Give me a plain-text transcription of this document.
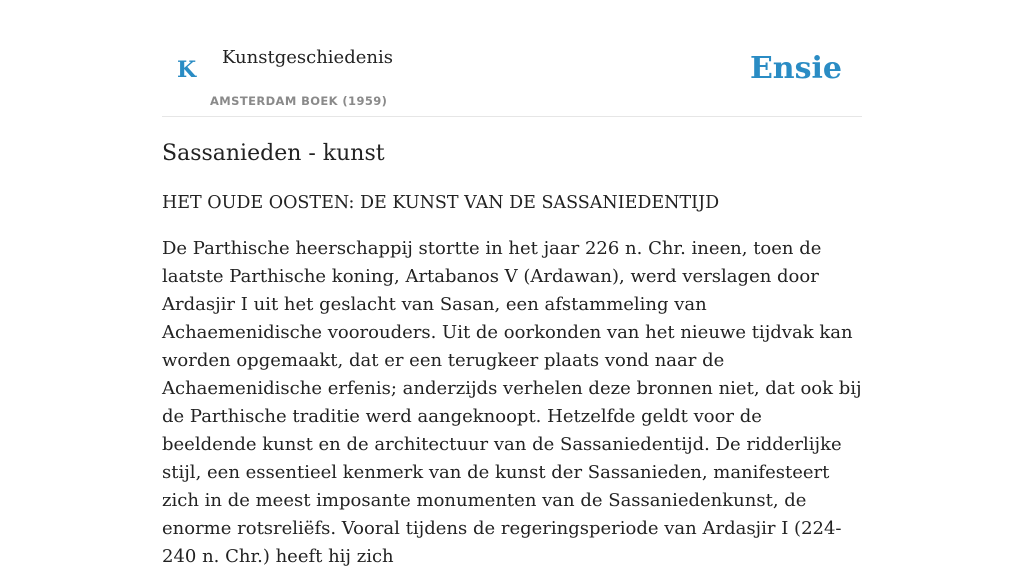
K Kunstgeschiedenis
AMSTERDAM BOEK (1959)
Ensie
Sassanieden - kunst
HET OUDE OOSTEN: DE KUNST VAN DE SASSANIEDENTIJD

De Parthische heerschappij stortte in het jaar 226 n. Chr. ineen, toen de laatste Parthische koning, Artabanos V (Ardawan), werd verslagen door Ardasjir I uit het geslacht van Sasan, een afstammeling van Achaemenidische voorouders. Uit de oorkonden van het nieuwe tijdvak kan worden opgemaakt, dat er een terugkeer plaats vond naar de Achaemenidische erfenis; anderzijds verhelen deze bronnen niet, dat ook bij de Parthische traditie werd aangeknoopt. Hetzelfde geldt voor de beeldende kunst en de architectuur van de Sassaniedentijd. De ridderlijke stijl, een essentieel kenmerk van de kunst der Sassanieden, manifesteert zich in de meest imposante monumenten van de Sassaniedenkunst, de enorme rotsreliëfs. Vooral tijdens de regeringsperiode van Ardasjir I (224-240 n. Chr.) heeft hij zich
